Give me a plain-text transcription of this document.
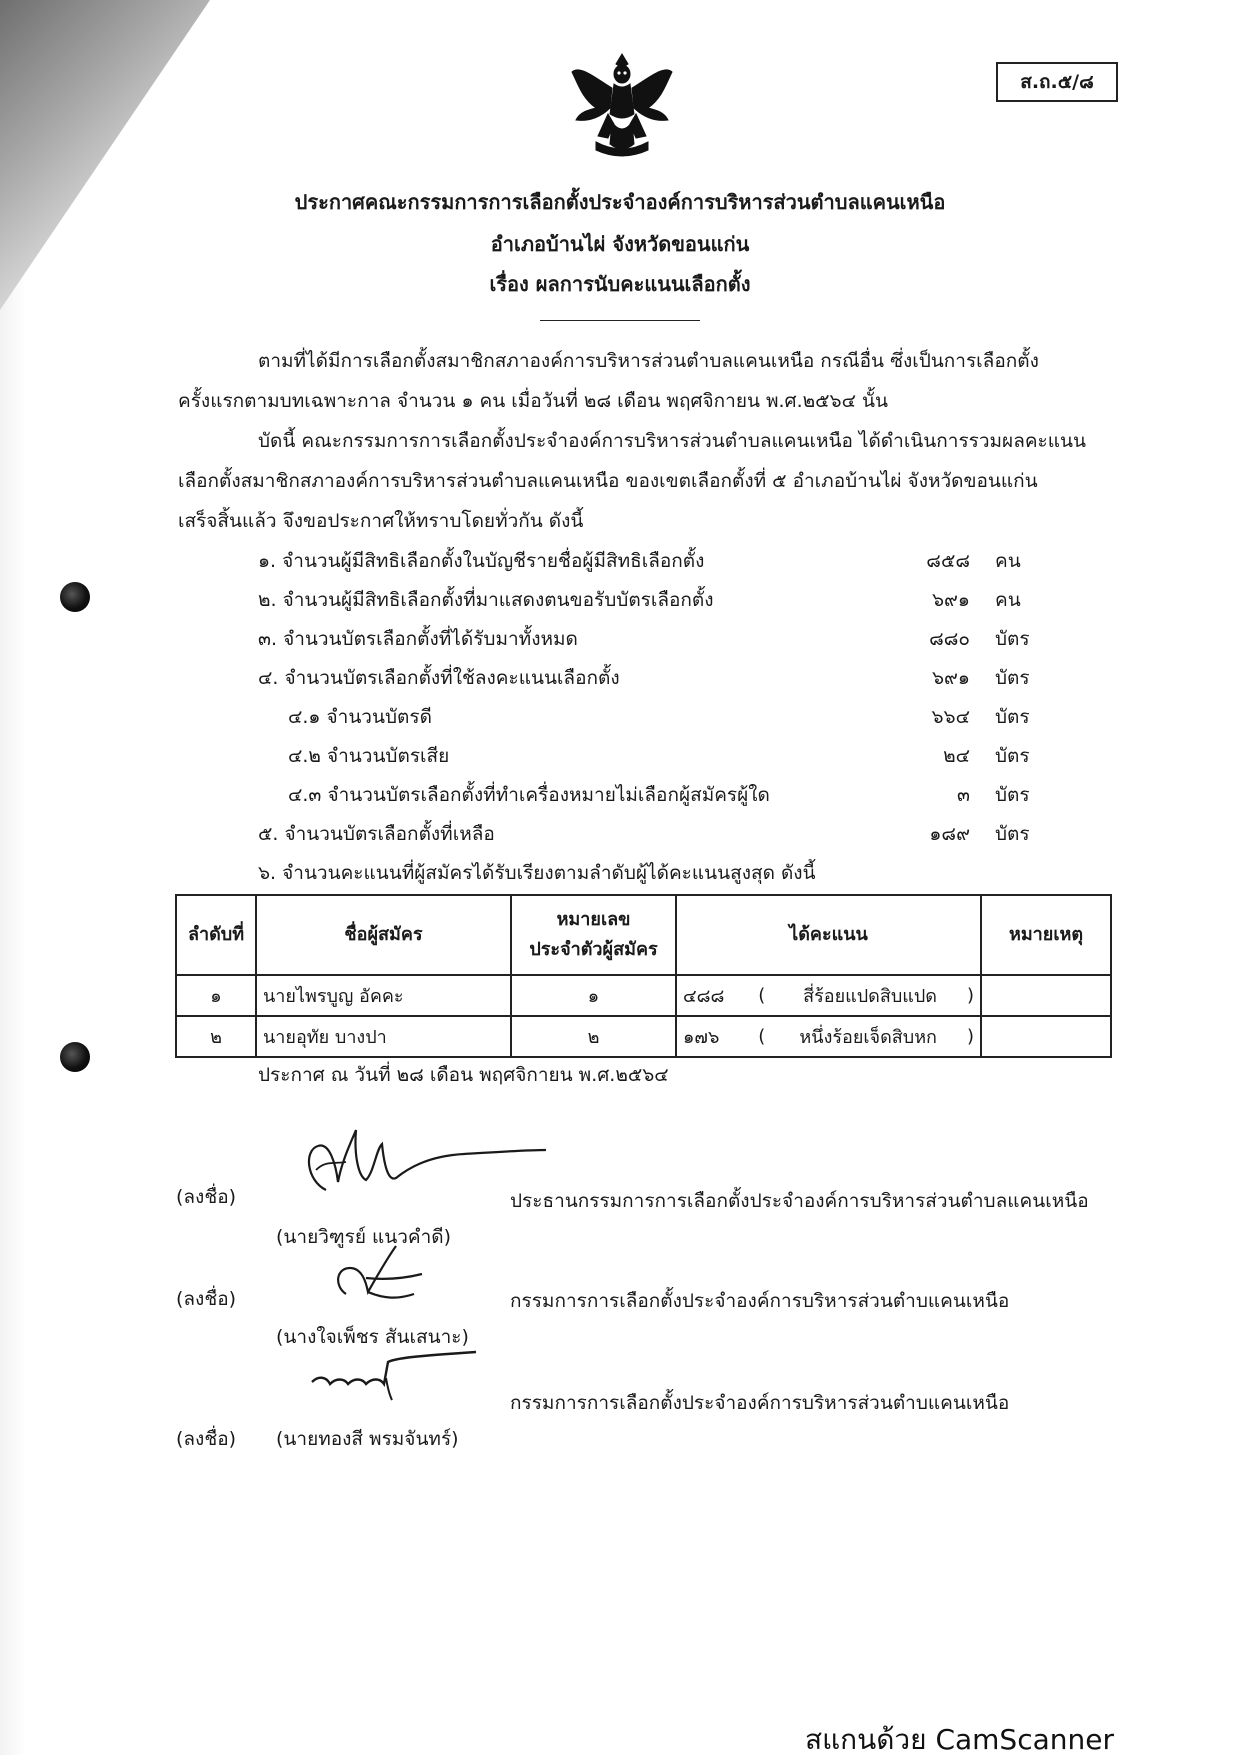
ส.ถ.๕/๘
ประกาศคณะกรรมการการเลือกตั้งประจำองค์การบริหารส่วนตำบลแคนเหนือ
อำเภอบ้านไผ่ จังหวัดขอนแก่น
เรื่อง ผลการนับคะแนนเลือกตั้ง
ตามที่ได้มีการเลือกตั้งสมาชิกสภาองค์การบริหารส่วนตำบลแคนเหนือ กรณีอื่น ซึ่งเป็นการเลือกตั้ง
ครั้งแรกตามบทเฉพาะกาล จำนวน ๑ คน เมื่อวันที่ ๒๘ เดือน พฤศจิกายน พ.ศ.๒๕๖๔ นั้น
บัดนี้ คณะกรรมการการเลือกตั้งประจำองค์การบริหารส่วนตำบลแคนเหนือ ได้ดำเนินการรวมผลคะแนน
เลือกตั้งสมาชิกสภาองค์การบริหารส่วนตำบลแคนเหนือ ของเขตเลือกตั้งที่ ๕ อำเภอบ้านไผ่ จังหวัดขอนแก่น
เสร็จสิ้นแล้ว จึงขอประกาศให้ทราบโดยทั่วกัน ดังนี้
๑. จำนวนผู้มีสิทธิเลือกตั้งในบัญชีรายชื่อผู้มีสิทธิเลือกตั้ง	๘๕๘ คน
๒. จำนวนผู้มีสิทธิเลือกตั้งที่มาแสดงตนขอรับบัตรเลือกตั้ง	๖๙๑ คน
๓. จำนวนบัตรเลือกตั้งที่ได้รับมาทั้งหมด	๘๘๐ บัตร
๔. จำนวนบัตรเลือกตั้งที่ใช้ลงคะแนนเลือกตั้ง	๖๙๑ บัตร
๔.๑ จำนวนบัตรดี	๖๖๔ บัตร
๔.๒ จำนวนบัตรเสีย	๒๔ บัตร
๔.๓ จำนวนบัตรเลือกตั้งที่ทำเครื่องหมายไม่เลือกผู้สมัครผู้ใด	๓ บัตร
๕. จำนวนบัตรเลือกตั้งที่เหลือ	๑๘๙ บัตร
๖. จำนวนคะแนนที่ผู้สมัครได้รับเรียงตามลำดับผู้ได้คะแนนสูงสุด ดังนี้
ลำดับที่	ชื่อผู้สมัคร	หมายเลข
ประจำตัวผู้สมัคร	ได้คะแนน	หมายเหตุ
๑	นายไพรบูญ อัคคะ	๑	๔๘๘ ( สี่ร้อยแปดสิบแปด )	

๒	นายอุทัย บางปา	๒	๑๗๖ ( หนึ่งร้อยเจ็ดสิบหก )	

ประกาศ ณ วันที่ ๒๘ เดือน พฤศจิกายน พ.ศ.๒๕๖๔
(ลงชื่อ)
(นายวิฑูรย์ แนวคำดี)
ประธานกรรมการการเลือกตั้งประจำองค์การบริหารส่วนตำบลแคนเหนือ
(ลงชื่อ)
(นางใจเพ็ชร สันเสนาะ)
กรรมการการเลือกตั้งประจำองค์การบริหารส่วนตำบแคนเหนือ
กรรมการการเลือกตั้งประจำองค์การบริหารส่วนตำบแคนเหนือ
(ลงชื่อ) (นายทองสี พรมจันทร์)
สแกนด้วย CamScanner
